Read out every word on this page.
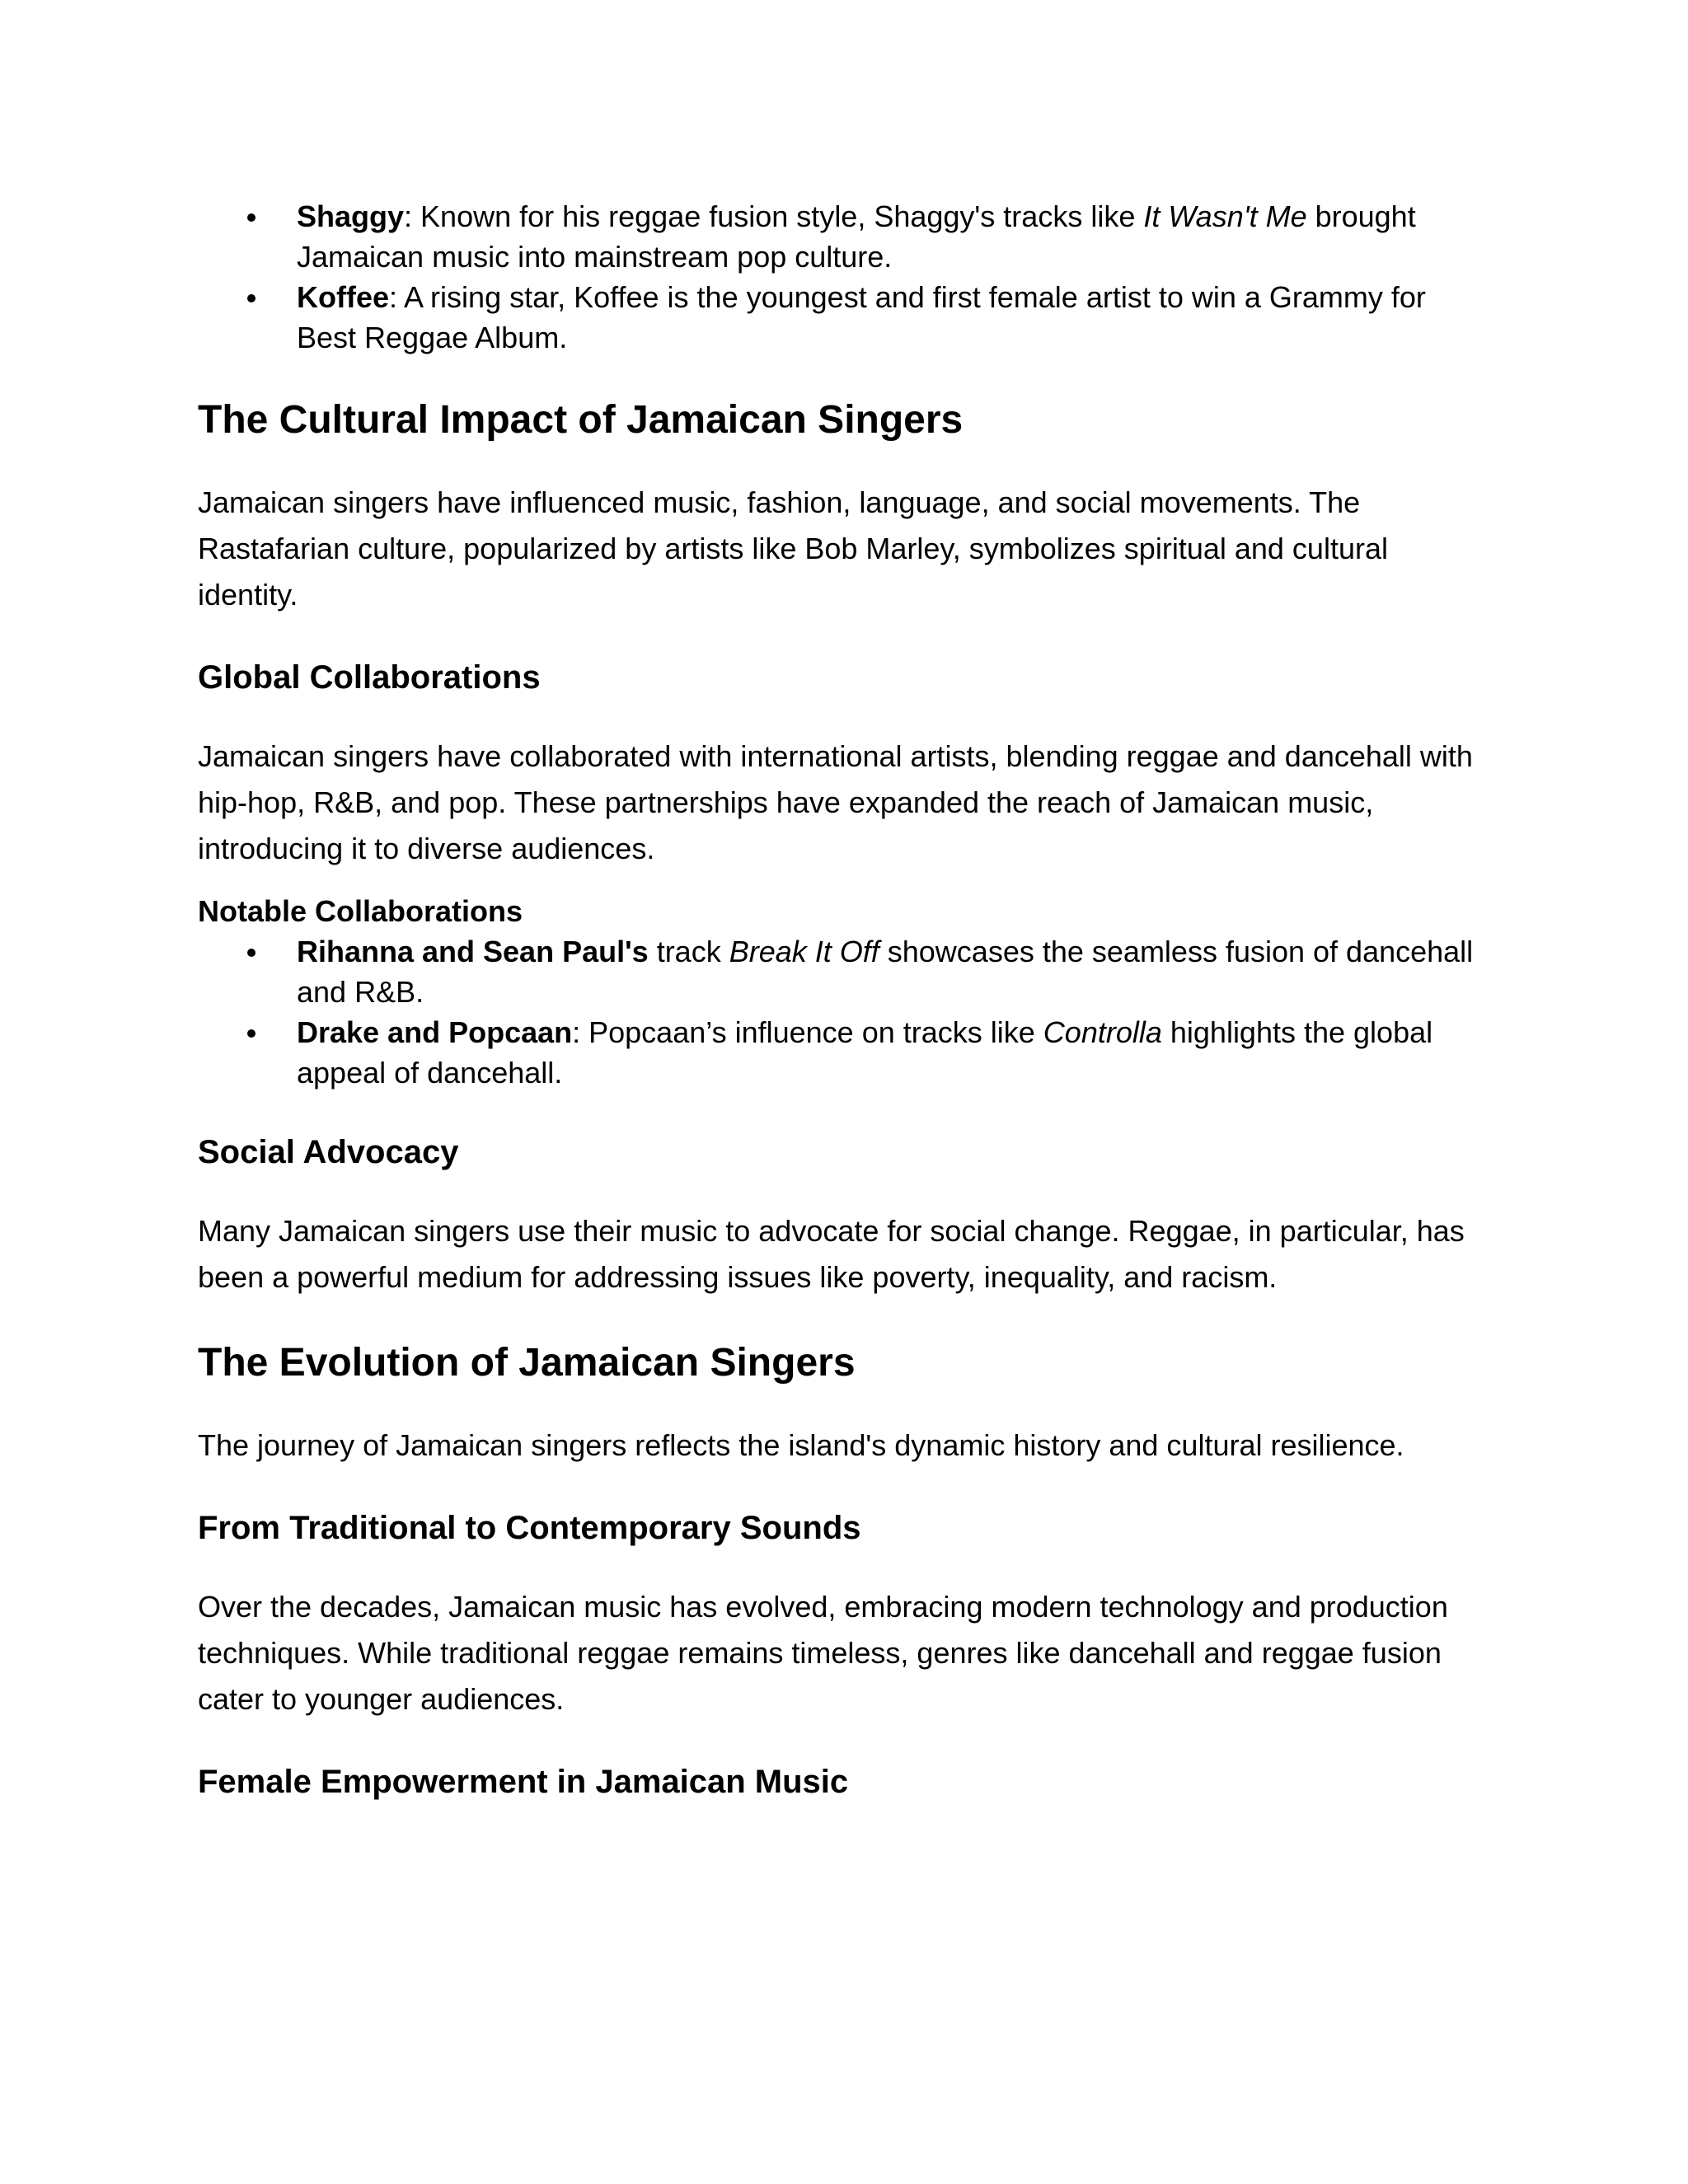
Shaggy: Known for his reggae fusion style, Shaggy's tracks like It Wasn't Me brought Jamaican music into mainstream pop culture.
Koffee: A rising star, Koffee is the youngest and first female artist to win a Grammy for Best Reggae Album.
The Cultural Impact of Jamaican Singers

Jamaican singers have influenced music, fashion, language, and social movements. The Rastafarian culture, popularized by artists like Bob Marley, symbolizes spiritual and cultural identity.

Global Collaborations

Jamaican singers have collaborated with international artists, blending reggae and dancehall with hip-hop, R&B, and pop. These partnerships have expanded the reach of Jamaican music, introducing it to diverse audiences.

Notable Collaborations

Rihanna and Sean Paul's track Break It Off showcases the seamless fusion of dancehall and R&B.
Drake and Popcaan: Popcaan’s influence on tracks like Controlla highlights the global appeal of dancehall.
Social Advocacy

Many Jamaican singers use their music to advocate for social change. Reggae, in particular, has been a powerful medium for addressing issues like poverty, inequality, and racism.

The Evolution of Jamaican Singers

The journey of Jamaican singers reflects the island's dynamic history and cultural resilience.

From Traditional to Contemporary Sounds

Over the decades, Jamaican music has evolved, embracing modern technology and production techniques. While traditional reggae remains timeless, genres like dancehall and reggae fusion cater to younger audiences.

Female Empowerment in Jamaican Music
